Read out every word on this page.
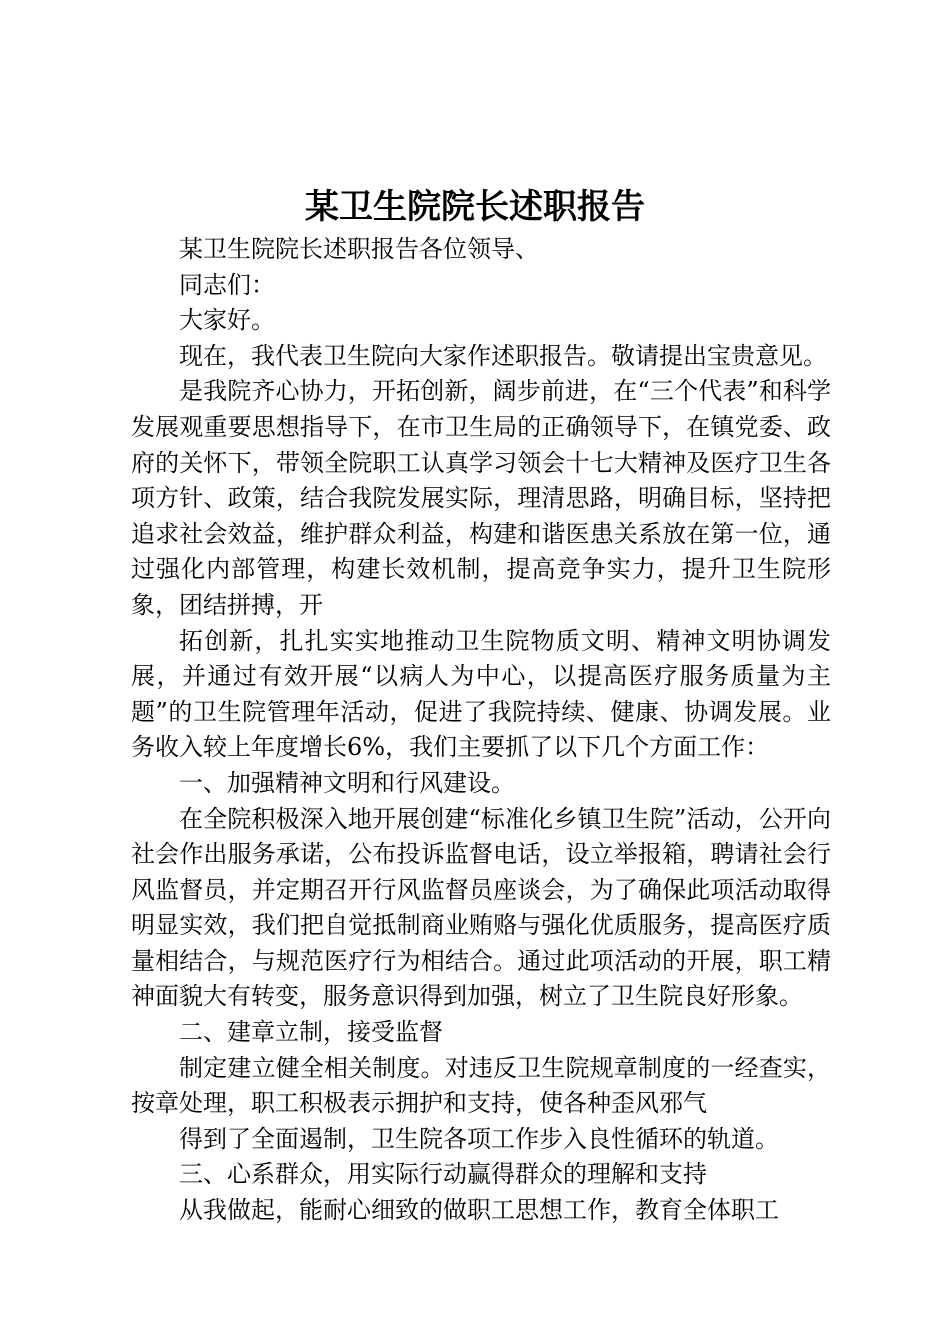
某卫生院院长述职报告

某卫生院院长述职报告各位领导、

同志们：

大家好。

现在，我代表卫生院向大家作述职报告。敬请提出宝贵意见。

是我院齐心协力，开拓创新，阔步前进，在“三个代表”和科学发展观重要思想指导下，在市卫生局的正确领导下，在镇党委、政府的关怀下，带领全院职工认真学习领会十七大精神及医疗卫生各项方针、政策，结合我院发展实际，理清思路，明确目标，坚持把追求社会效益，维护群众利益，构建和谐医患关系放在第一位，通过强化内部管理，构建长效机制，提高竞争实力，提升卫生院形象，团结拼搏，开

拓创新，扎扎实实地推动卫生院物质文明、精神文明协调发展，并通过有效开展“以病人为中心，以提高医疗服务质量为主题”的卫生院管理年活动，促进了我院持续、健康、协调发展。业务收入较上年度增长6%，我们主要抓了以下几个方面工作：

一、加强精神文明和行风建设。

在全院积极深入地开展创建“标准化乡镇卫生院”活动，公开向社会作出服务承诺，公布投诉监督电话，设立举报箱，聘请社会行风监督员，并定期召开行风监督员座谈会，为了确保此项活动取得明显实效，我们把自觉抵制商业贿赂与强化优质服务，提高医疗质量相结合，与规范医疗行为相结合。通过此项活动的开展，职工精神面貌大有转变，服务意识得到加强，树立了卫生院良好形象。

二、建章立制，接受监督

制定建立健全相关制度。对违反卫生院规章制度的一经查实，按章处理，职工积极表示拥护和支持，使各种歪风邪气

得到了全面遏制，卫生院各项工作步入良性循环的轨道。

三、心系群众，用实际行动赢得群众的理解和支持

从我做起，能耐心细致的做职工思想工作，教育全体职工
